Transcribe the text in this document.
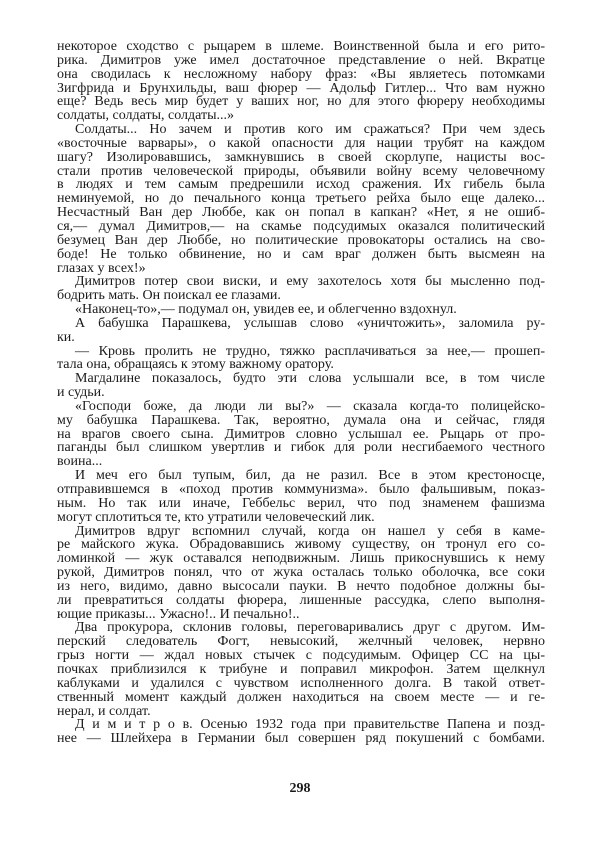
некоторое сходство с рыцарем в шлеме. Воинственной была и его рито-
рика. Димитров уже имел достаточное представление о ней. Вкратце
она сводилась к несложному набору фраз: «Вы являетесь потомками
Зигфрида и Брунхильды, ваш фюрер — Адольф Гитлер... Что вам нужно
еще? Ведь весь мир будет у ваших ног, но для этого фюреру необходимы
солдаты, солдаты, солдаты...»
Солдаты... Но зачем и против кого им сражаться? При чем здесь
«восточные варвары», о какой опасности для нации трубят на каждом
шагу? Изолировавшись, замкнувшись в своей скорлупе, нацисты вос-
стали против человеческой природы, объявили войну всему человечному
в людях и тем самым предрешили исход сражения. Их гибель была
неминуемой, но до печального конца третьего рейха было еще далеко...
Несчастный Ван дер Люббе, как он попал в капкан? «Нет, я не ошиб-
ся,— думал Димитров,— на скамье подсудимых оказался политический
безумец Ван дер Люббе, но политические провокаторы остались на сво-
боде! Не только обвинение, но и сам враг должен быть высмеян на
глазах у всех!»
Димитров потер свои виски, и ему захотелось хотя бы мысленно под-
бодрить мать. Он поискал ее глазами.
«Наконец-то»,— подумал он, увидев ее, и облегченно вздохнул.
А бабушка Парашкева, услышав слово «уничтожить», заломила ру-
ки.
— Кровь пролить не трудно, тяжко расплачиваться за нее,— прошеп-
тала она, обращаясь к этому важному оратору.
Магдалине показалось, будто эти слова услышали все, в том числе
и судьи.
«Господи боже, да люди ли вы?» — сказала когда-то полицейско-
му бабушка Парашкева. Так, вероятно, думала она и сейчас, глядя
на врагов своего сына. Димитров словно услышал ее. Рыцарь от про-
паганды был слишком увертлив и гибок для роли несгибаемого честного
воина...
И меч его был тупым, бил, да не разил. Все в этом крестоносце,
отправившемся в «поход против коммунизма». было фальшивым, показ-
ным. Но так или иначе, Геббельс верил, что под знаменем фашизма
могут сплотиться те, кто утратили человеческий лик.
Димитров вдруг вспомнил случай, когда он нашел у себя в каме-
ре майского жука. Обрадовавшись живому существу, он тронул его со-
ломинкой — жук оставался неподвижным. Лишь прикоснувшись к нему
рукой, Димитров понял, что от жука осталась только оболочка, все соки
из него, видимо, давно высосали пауки. В нечто подобное должны бы-
ли превратиться солдаты фюрера, лишенные рассудка, слепо выполня-
ющие приказы... Ужасно!.. И печально!..
Два прокурора, склонив головы, переговаривались друг с другом. Им-
перский следователь Фогт, невысокий, желчный человек, нервно
грыз ногти — ждал новых стычек с подсудимым. Офицер СС на цы-
почках приблизился к трибуне и поправил микрофон. Затем щелкнул
каблуками и удалился с чувством исполненного долга. В такой ответ-
ственный момент каждый должен находиться на своем месте — и ге-
нерал, и солдат.
Д и м и т р о в. Осенью 1932 года при правительстве Папена и позд-
нее — Шлейхера в Германии был совершен ряд покушений с бомбами.
298
